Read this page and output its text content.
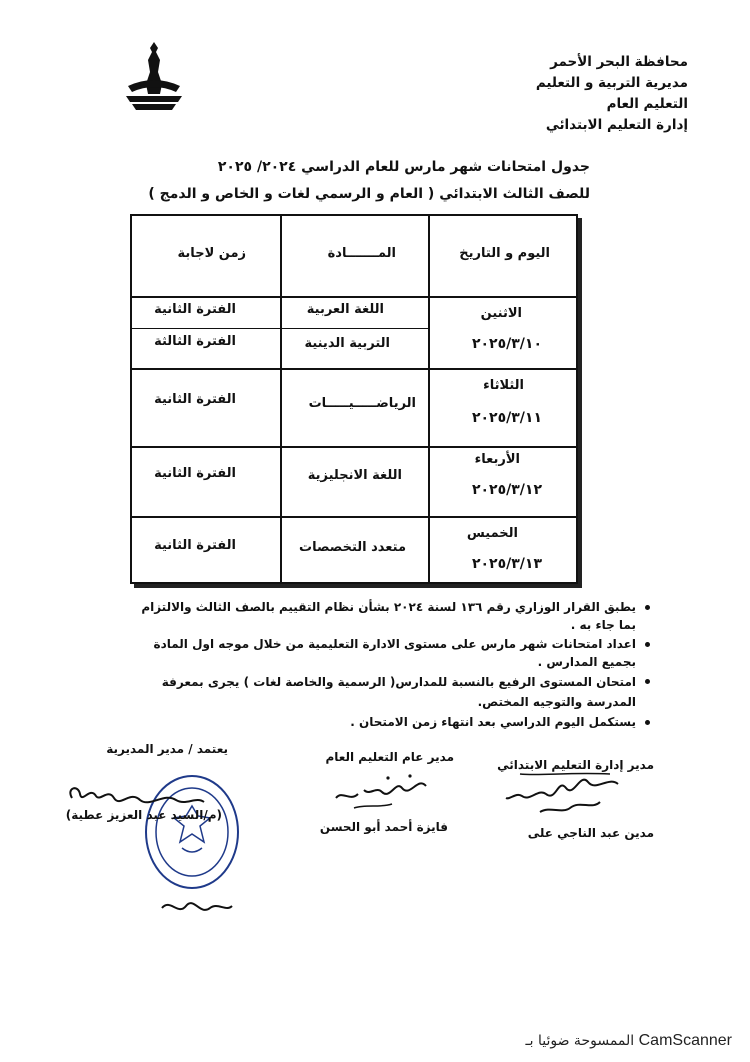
محافظة البحر الأحمر
مديرية التربية و التعليم
التعليم العام
إدارة التعليم الابتدائي
جدول امتحانات شهر مارس للعام الدراسي ٢٠٢٤/ ٢٠٢٥
للصف الثالث الابتدائي ( العام و الرسمي لغات و الخاص و الدمج )
اليوم و التاريخ
المـــــــادة
زمن لاجابة
الاثنين
٢٠٢٥/٣/١٠
اللغة العربية
الفترة الثانية
التربية الدينية
الفترة الثالثة
الثلاثاء
٢٠٢٥/٣/١١
الرياضـــــيـــــات
الفترة الثانية
الأربعاء
٢٠٢٥/٣/١٢
اللغة الانجليزية
الفترة الثانية
الخميس
٢٠٢٥/٣/١٣
متعدد التخصصات
الفترة الثانية
يطبق القرار الوزاري رقم ١٣٦ لسنة ٢٠٢٤ بشأن نظام التقييم بالصف الثالث والالتزام بما جاء به .
اعداد امتحانات شهر مارس على مستوى الادارة التعليمية من خلال موجه اول المادة بجميع المدارس .
امتحان المستوى الرفيع بالنسبة للمدارس( الرسمية والخاصة لغات ) يجرى بمعرفة المدرسة والتوجيه المختص.
يستكمل اليوم الدراسي بعد انتهاء زمن الامتحان .
مدير إدارة التعليم الابتدائي
مدين عبد الناجي على
مدير عام التعليم العام
فايزة أحمد أبو الحسن
يعتمد / مدير المديرية
(م/السيد عبد العزيز عطية)
الممسوحة ضوئيا بـ CamScanner
